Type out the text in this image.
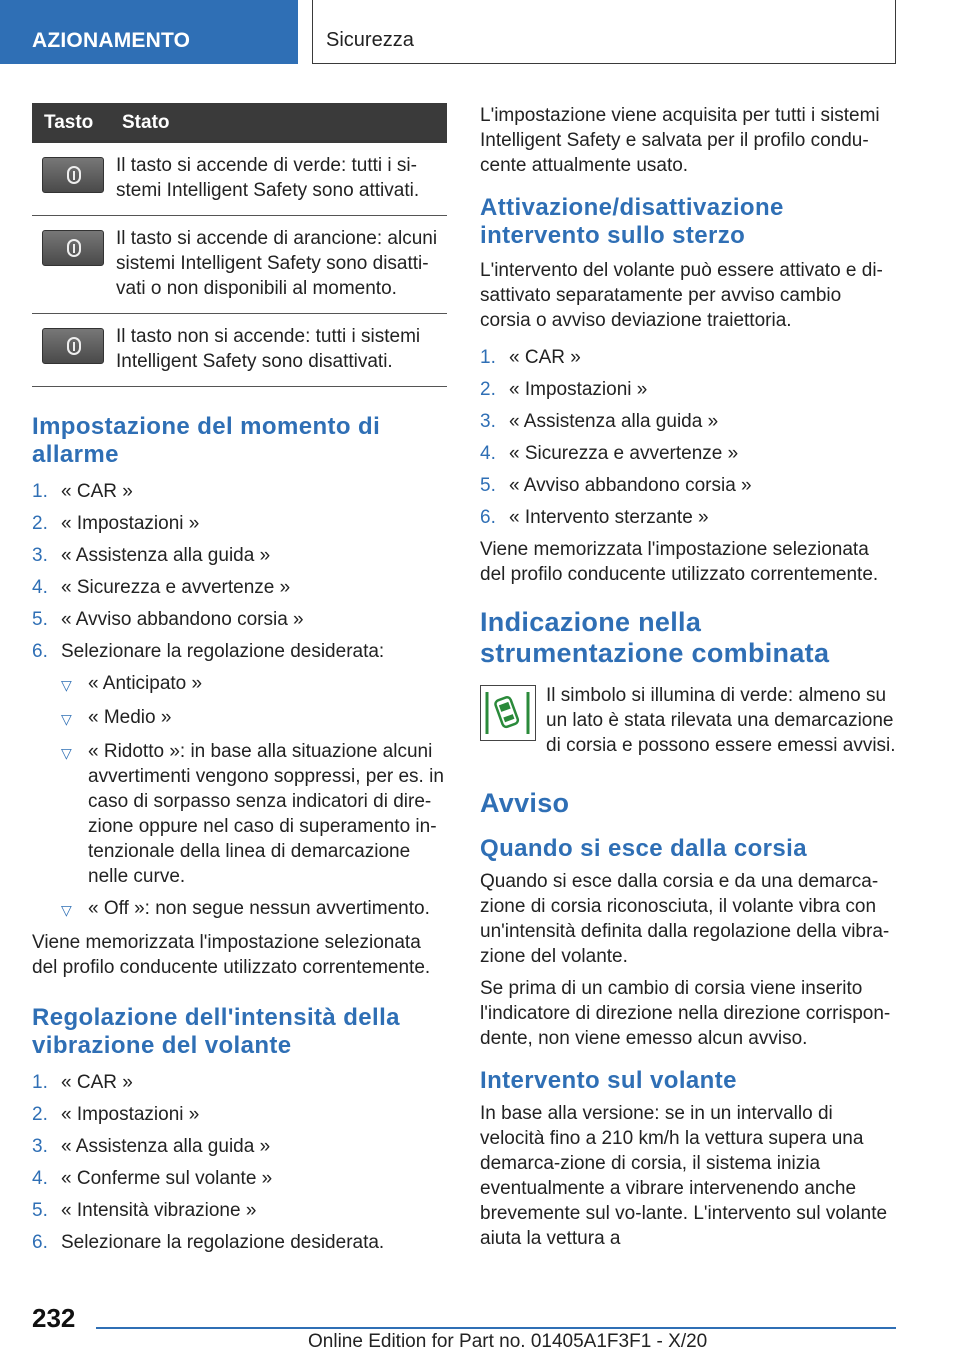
AZIONAMENTO	Sicurezza
Tasto	Stato

	Il tasto si accende di verde: tutti i si-stemi Intelligent Safety sono attivati.

	Il tasto si accende di arancione: alcuni sistemi Intelligent Safety sono disatti-vati o non disponibili al momento.

	Il tasto non si accende: tutti i sistemi Intelligent Safety sono disattivati.
Impostazione del momento di allarme
1. « CAR »
2. « Impostazioni »
3. « Assistenza alla guida »
4. « Sicurezza e avvertenze »
5. « Avviso abbandono corsia »
6. Selezionare la regolazione desiderata:
▽ « Anticipato »
▽ « Medio »
▽ « Ridotto »: in base alla situazione alcuni avvertimenti vengono soppressi, per es. in caso di sorpasso senza indicatori di dire-zione oppure nel caso di superamento in-tenzionale della linea di demarcazione nelle curve.
▽ « Off »: non segue nessun avvertimento.
Viene memorizzata l'impostazione selezionata del profilo conducente utilizzato correntemente.
Regolazione dell'intensità della vibrazione del volante
1. « CAR »
2. « Impostazioni »
3. « Assistenza alla guida »
4. « Conferme sul volante »
5. « Intensità vibrazione »
6. Selezionare la regolazione desiderata.
L'impostazione viene acquisita per tutti i sistemi Intelligent Safety e salvata per il profilo condu-cente attualmente usato.
Attivazione/disattivazione intervento sullo sterzo
L'intervento del volante può essere attivato e di-sattivato separatamente per avviso cambio corsia o avviso deviazione traiettoria.
1. « CAR »
2. « Impostazioni »
3. « Assistenza alla guida »
4. « Sicurezza e avvertenze »
5. « Avviso abbandono corsia »
6. « Intervento sterzante »
Viene memorizzata l'impostazione selezionata del profilo conducente utilizzato correntemente.
Indicazione nella strumentazione combinata
Il simbolo si illumina di verde: almeno su un lato è stata rilevata una demarcazione di corsia e possono essere emessi avvisi.
Avviso
Quando si esce dalla corsia
Quando si esce dalla corsia e da una demarca-zione di corsia riconosciuta, il volante vibra con un'intensità definita dalla regolazione della vibra-zione del volante.
Se prima di un cambio di corsia viene inserito l'indicatore di direzione nella direzione corrispon-dente, non viene emesso alcun avviso.
Intervento sul volante
In base alla versione: se in un intervallo di velocità fino a 210 km/h la vettura supera una demarca-zione di corsia, il sistema inizia eventualmente a vibrare intervenendo anche brevemente sul vo-lante. L'intervento sul volante aiuta la vettura a
232
Online Edition for Part no. 01405A1F3F1 - X/20
